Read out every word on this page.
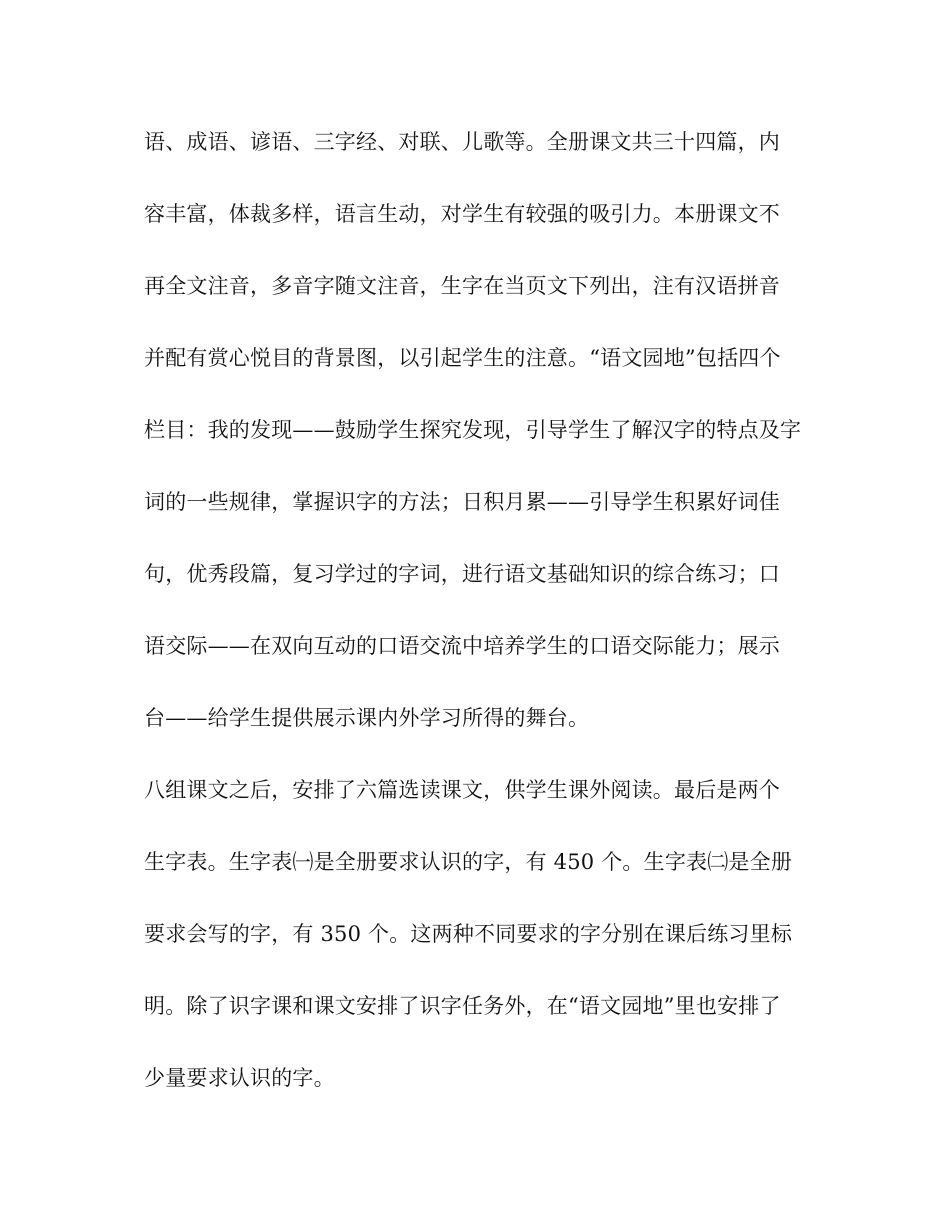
语、成语、谚语、三字经、对联、儿歌等。全册课文共三十四篇，内
容丰富，体裁多样，语言生动，对学生有较强的吸引力。本册课文不
再全文注音，多音字随文注音，生字在当页文下列出，注有汉语拼音
并配有赏心悦目的背景图，以引起学生的注意。“语文园地”包括四个
栏目：我的发现——鼓励学生探究发现，引导学生了解汉字的特点及字
词的一些规律，掌握识字的方法；日积月累——引导学生积累好词佳
句，优秀段篇，复习学过的字词，进行语文基础知识的综合练习；口
语交际——在双向互动的口语交流中培养学生的口语交际能力；展示
台——给学生提供展示课内外学习所得的舞台。
八组课文之后，安排了六篇选读课文，供学生课外阅读。最后是两个
生字表。生字表㈠是全册要求认识的字，有 450 个。生字表㈡是全册
要求会写的字，有 350 个。这两种不同要求的字分别在课后练习里标
明。除了识字课和课文安排了识字任务外，在“语文园地”里也安排了
少量要求认识的字。
